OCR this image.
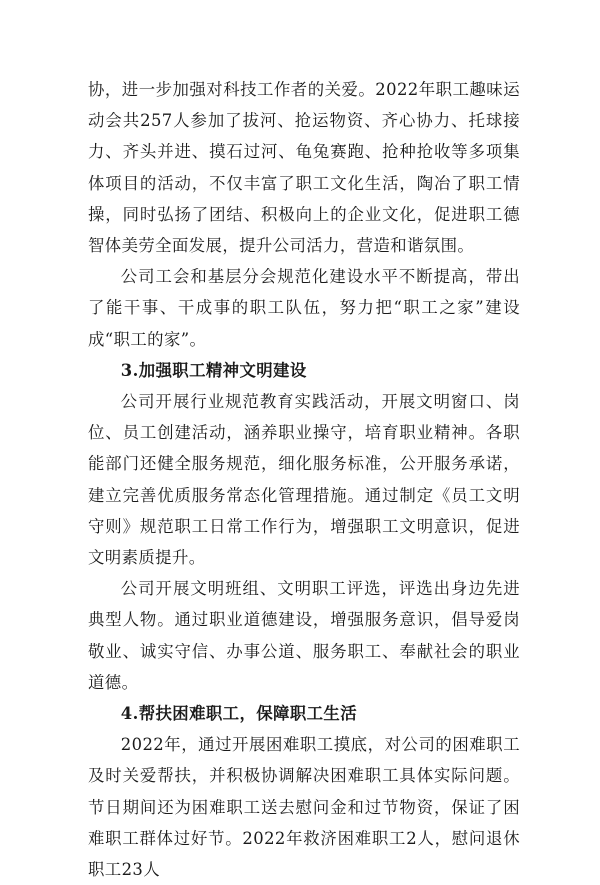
协，进一步加强对科技工作者的关爱。2022年职工趣味运动会共257人参加了拔河、抢运物资、齐心协力、托球接力、齐头并进、摸石过河、龟兔赛跑、抢种抢收等多项集体项目的活动，不仅丰富了职工文化生活，陶冶了职工情操，同时弘扬了团结、积极向上的企业文化，促进职工德智体美劳全面发展，提升公司活力，营造和谐氛围。

公司工会和基层分会规范化建设水平不断提高，带出了能干事、干成事的职工队伍，努力把“职工之家”建设成“职工的家”。

3.加强职工精神文明建设

公司开展行业规范教育实践活动，开展文明窗口、岗位、员工创建活动，涵养职业操守，培育职业精神。各职能部门还健全服务规范，细化服务标准，公开服务承诺，建立完善优质服务常态化管理措施。通过制定《员工文明守则》规范职工日常工作行为，增强职工文明意识，促进文明素质提升。

公司开展文明班组、文明职工评选，评选出身边先进典型人物。通过职业道德建设，增强服务意识，倡导爱岗敬业、诚实守信、办事公道、服务职工、奉献社会的职业道德。

4.帮扶困难职工，保障职工生活

2022年，通过开展困难职工摸底，对公司的困难职工及时关爱帮扶，并积极协调解决困难职工具体实际问题。节日期间还为困难职工送去慰问金和过节物资，保证了困难职工群体过好节。2022年救济困难职工2人，慰问退休职工23人
